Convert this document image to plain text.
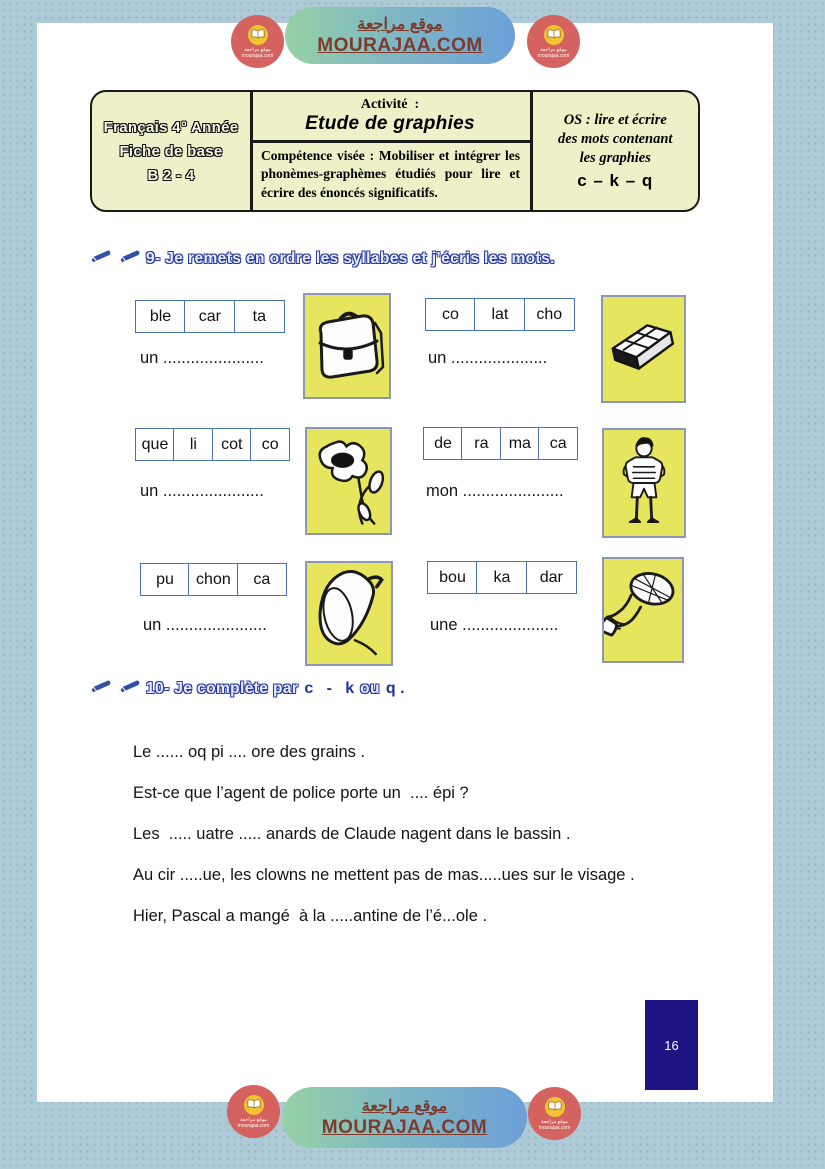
موقع مراجعة
MOURAJAA.COM
موقع مراجعة
mourajaa.com
موقع مراجعة
mourajaa.com
Français 4° Année
Fiche de base
B 2 - 4
Activité  :
Etude de graphies
Compétence visée : Mobiliser et intégrer les phonèmes-graphèmes étudiés pour lire et écrire des énoncés significatifs.
OS : lire et écrire
des mots contenant
les graphies
c – k – q
9- Je remets en ordre les syllabes et j’écris les mots.
ble	car	ta
un ......................
co	lat	cho
un .....................
que	li	cot	co
un ......................
de	ra	ma	ca
mon ......................
pu	chon	ca
un ......................
bou	ka	dar
une .....................
10- Je complète par c   -   k ou q .
Le ...... oq pi .... ore des grains .
Est-ce que l’agent de police porte un  .... épi ?
Les  ..... uatre ..... anards de Claude nagent dans le bassin .
Au cir .....ue, les clowns ne mettent pas de mas.....ues sur le visage .
Hier, Pascal a mangé  à la .....antine de l’é...ole .
16
موقع مراجعة
MOURAJAA.COM
موقع مراجعة
mourajaa.com
موقع مراجعة
mourajaa.com
